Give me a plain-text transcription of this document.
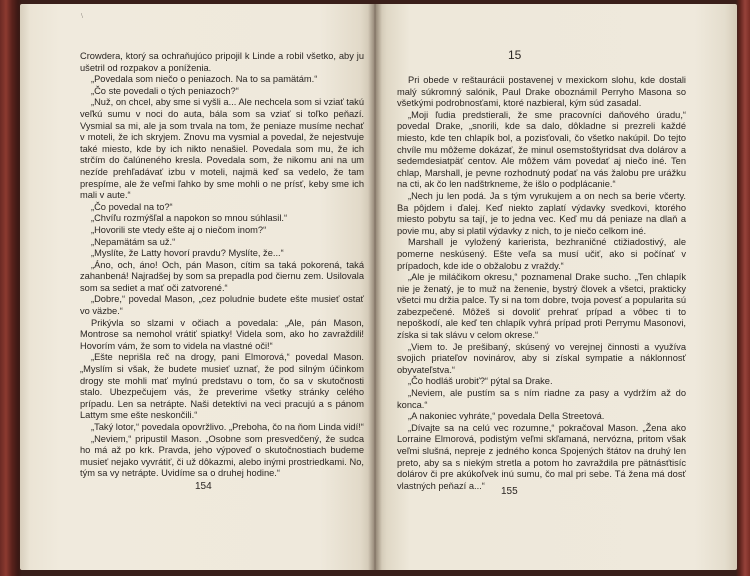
\

Crowdera, ktorý sa ochraňujúco pripojil k Linde a robil všetko, aby ju ušetril od rozpakov a poníženia.

„Povedala som niečo o peniazoch. Na to sa pamätám.“

„Čo ste povedali o tých peniazoch?“

„Nuž, on chcel, aby sme si vyšli a... Ale nechcela som si vziať takú veľkú sumu v noci do auta, bála som sa vziať si toľko peňazí. Vysmial sa mi, ale ja som trvala na tom, že peniaze musíme nechať v moteli, že ich skryjem. Znovu ma vysmial a povedal, že nejestvuje také miesto, kde by ich nikto nenašiel. Povedala som mu, že ich strčím do čalúneného kresla. Povedala som, že nikomu ani na um nezíde prehľadávať izbu v moteli, najmä keď sa vedelo, že tam prespíme, ale že veľmi ľahko by sme mohli o ne prísť, keby sme ich mali v aute.“

„Čo povedal na to?“

„Chvíľu rozmýšľal a napokon so mnou súhlasil.“

„Hovorili ste vtedy ešte aj o niečom inom?“

„Nepamätám sa už.“

„Myslíte, že Latty hovorí pravdu? Myslíte, že...“

„Áno, och, áno! Och, pán Mason, cítim sa taká pokorená, taká zahanbená! Najradšej by som sa prepadla pod čiernu zem. Usilovala som sa sediet a mať oči zatvorené.“

„Dobre,“ povedal Mason, „cez poludnie budete ešte musieť ostať vo väzbe.“

Prikývla so slzami v očiach a povedala: „Ale, pán Mason, Montrose sa nemohol vrátiť spiatky! Videla som, ako ho zavraždili! Hovorím vám, že som to videla na vlastné oči!“

„Ešte neprišla reč na drogy, pani Elmorová,“ povedal Mason. „Myslím si však, že budete musieť uznať, že pod silným účinkom drogy ste mohli mať mylnú predstavu o tom, čo sa v skutočnosti stalo. Ubezpečujem vás, že preverime všetky stránky celého prípadu. Len sa netrápte. Naši detektívi na veci pracujú a s pánom Lattym sme ešte neskončili.“

„Taký lotor,“ povedala opovržlivo. „Preboha, čo na ňom Linda vidí!“

„Neviem,“ pripustil Mason. „Osobne som presvedčený, že sudca ho má až po krk. Pravda, jeho výpoveď o skutočnostiach budeme musieť nejako vyvrátiť, či už dôkazmi, alebo inými prostriedkami. No, tým sa vy netrápte. Uvidíme sa o druhej hodine.“

154
15

Pri obede v reštaurácii postavenej v mexickom slohu, kde dostali malý súkromný salónik, Paul Drake oboznámil Perryho Masona so všetkými podrobnosťami, ktoré nazbieral, kým súd zasadal.

„Moji ľudia predstierali, že sme pracovníci daňového úradu,“ povedal Drake, „snorili, kde sa dalo, dôkladne si prezreli každé miesto, kde ten chlapík bol, a pozisťovali, čo všetko nakúpil. Do tejto chvíle mu môžeme dokázať, že minul osemstoštyridsat dva dolárov a sedemdesiatpäť centov. Ale môžem vám povedať aj niečo iné. Ten chlap, Marshall, je pevne rozhodnutý podať na vás žalobu pre urážku na cti, ak čo len nadštrkneme, že išlo o podplácanie.“

„Nech ju len podá. Ja s tým vyrukujem a on nech sa berie včerty. Ba pôjdem i ďalej. Keď niekto zaplatí výdavky svedkovi, ktorého miesto pobytu sa tají, je to jedna vec. Keď mu dá peniaze na dlaň a povie mu, aby si platil výdavky z nich, to je niečo celkom iné.

Marshall je vyložený karierista, bezhraničné ctižiadostivý, ale pomerne neskúsený. Ešte veľa sa musí učiť, ako si počínať v prípadoch, kde ide o obžalobu z vraždy.“

„Ale je miláčikom okresu,“ poznamenal Drake sucho. „Ten chlapík nie je ženatý, je to muž na ženenie, bystrý človek a všetci, prakticky všetci mu držia palce. Ty si na tom dobre, tvoja povesť a popularita sú zabezpečené. Môžeš si dovoliť prehrať prípad a vôbec ti to nepoškodí, ale keď ten chlapík vyhrá prípad proti Perrymu Masonovi, získa si tak slávu v celom okrese.“

„Viem to. Je prešibaný, skúsený vo verejnej činnosti a využíva svojich priateľov novinárov, aby si získal sympatie a náklonnosť obyvateľstva.“

„Čo hodláš urobiť?“ pýtal sa Drake.

„Neviem, ale pustím sa s ním riadne za pasy a vydržím až do konca.“

„A nakoniec vyhráte,“ povedala Della Streetová.

„Dívajte sa na celú vec rozumne,“ pokračoval Mason. „Žena ako Lorraine Elmorová, podistým veľmi skľamaná, nervózna, pritom však veľmi slušná, nepreje z jedného konca Spojených štátov na druhý len preto, aby sa s niekým stretla a potom ho zavraždila pre pätnásťtisíc dolárov či pre akúkoľvek inú sumu, čo mal pri sebe. Tá žena má dosť vlastných peňazí a...“

155
